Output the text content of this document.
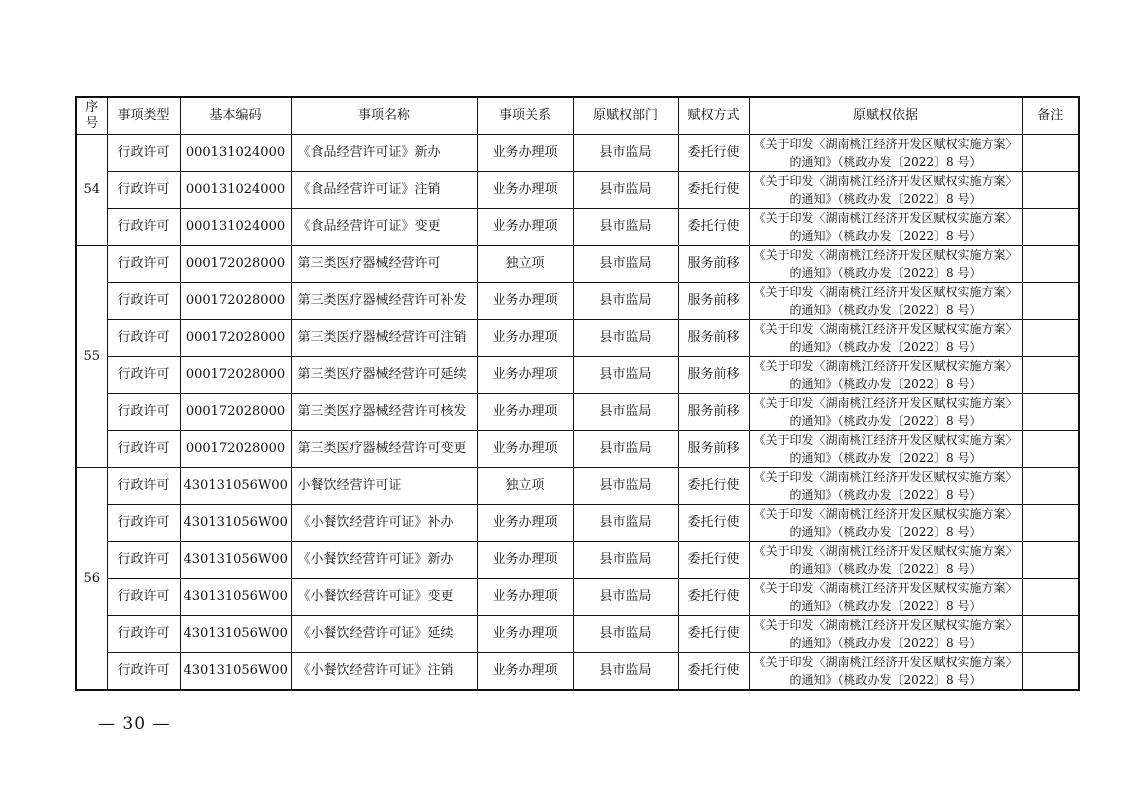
序号	事项类型	基本编码	事项名称	事项关系	原赋权部门	赋权方式	原赋权依据	备注
54	行政许可	000131024000	《食品经营许可证》新办	业务办理项	县市监局	委托行使	《关于印发〈湖南桃江经济开发区赋权实施方案〉的通知》（桃政办发〔2022〕8 号）	
	行政许可	000131024000	《食品经营许可证》注销	业务办理项	县市监局	委托行使	《关于印发〈湖南桃江经济开发区赋权实施方案〉的通知》（桃政办发〔2022〕8 号）	
	行政许可	000131024000	《食品经营许可证》变更	业务办理项	县市监局	委托行使	《关于印发〈湖南桃江经济开发区赋权实施方案〉的通知》（桃政办发〔2022〕8 号）	
55	行政许可	000172028000	第三类医疗器械经营许可	独立项	县市监局	服务前移	《关于印发〈湖南桃江经济开发区赋权实施方案〉的通知》（桃政办发〔2022〕8 号）	
	行政许可	000172028000	第三类医疗器械经营许可补发	业务办理项	县市监局	服务前移	《关于印发〈湖南桃江经济开发区赋权实施方案〉的通知》（桃政办发〔2022〕8 号）	
	行政许可	000172028000	第三类医疗器械经营许可注销	业务办理项	县市监局	服务前移	《关于印发〈湖南桃江经济开发区赋权实施方案〉的通知》（桃政办发〔2022〕8 号）	
	行政许可	000172028000	第三类医疗器械经营许可延续	业务办理项	县市监局	服务前移	《关于印发〈湖南桃江经济开发区赋权实施方案〉的通知》（桃政办发〔2022〕8 号）	
	行政许可	000172028000	第三类医疗器械经营许可核发	业务办理项	县市监局	服务前移	《关于印发〈湖南桃江经济开发区赋权实施方案〉的通知》（桃政办发〔2022〕8 号）	
	行政许可	000172028000	第三类医疗器械经营许可变更	业务办理项	县市监局	服务前移	《关于印发〈湖南桃江经济开发区赋权实施方案〉的通知》（桃政办发〔2022〕8 号）	
56	行政许可	430131056W00	小餐饮经营许可证	独立项	县市监局	委托行使	《关于印发〈湖南桃江经济开发区赋权实施方案〉的通知》（桃政办发〔2022〕8 号）	
	行政许可	430131056W00	《小餐饮经营许可证》补办	业务办理项	县市监局	委托行使	《关于印发〈湖南桃江经济开发区赋权实施方案〉的通知》（桃政办发〔2022〕8 号）	
	行政许可	430131056W00	《小餐饮经营许可证》新办	业务办理项	县市监局	委托行使	《关于印发〈湖南桃江经济开发区赋权实施方案〉的通知》（桃政办发〔2022〕8 号）	
	行政许可	430131056W00	《小餐饮经营许可证》变更	业务办理项	县市监局	委托行使	《关于印发〈湖南桃江经济开发区赋权实施方案〉的通知》（桃政办发〔2022〕8 号）	
	行政许可	430131056W00	《小餐饮经营许可证》延续	业务办理项	县市监局	委托行使	《关于印发〈湖南桃江经济开发区赋权实施方案〉的通知》（桃政办发〔2022〕8 号）	
	行政许可	430131056W00	《小餐饮经营许可证》注销	业务办理项	县市监局	委托行使	《关于印发〈湖南桃江经济开发区赋权实施方案〉的通知》（桃政办发〔2022〕8 号）	
— 30 —
